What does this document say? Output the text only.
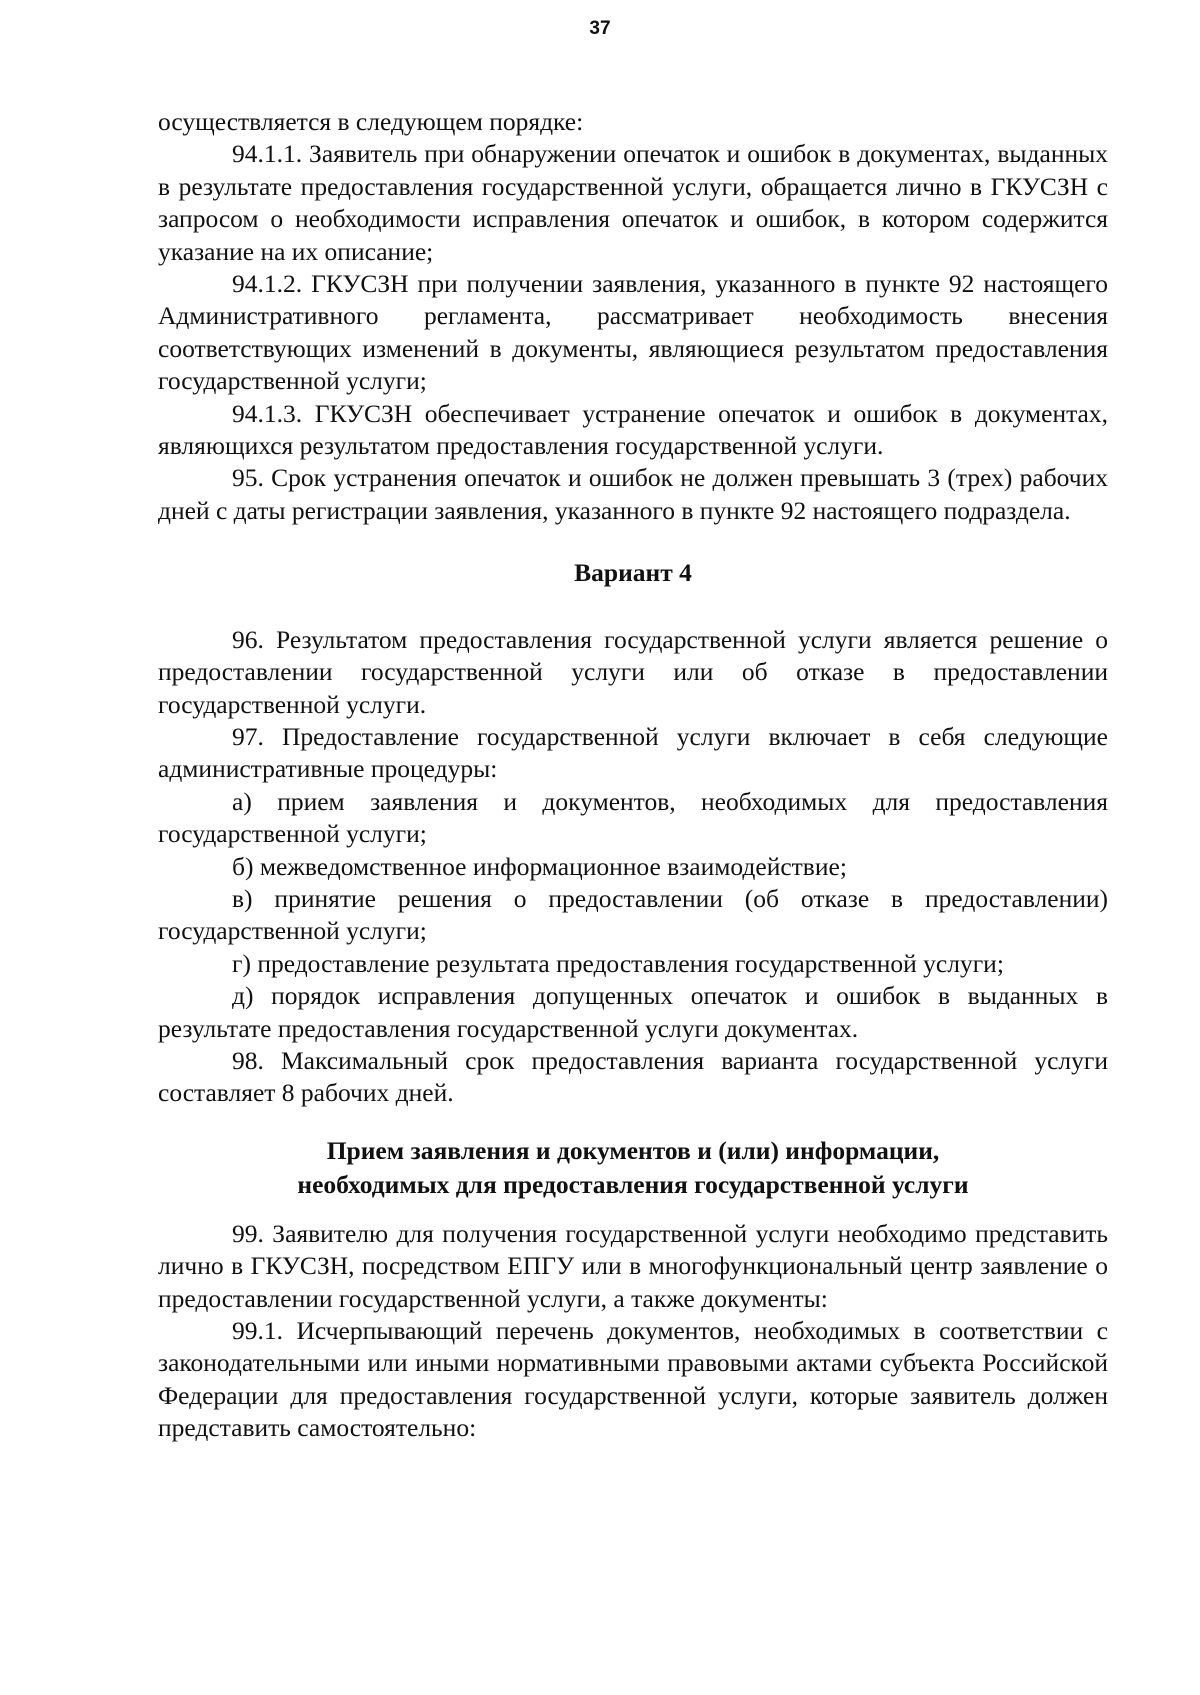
37

осуществляется в следующем порядке:

94.1.1. Заявитель при обнаружении опечаток и ошибок в документах, выданных в результате предоставления государственной услуги, обращается лично в ГКУСЗН с запросом о необходимости исправления опечаток и ошибок, в котором содержится указание на их описание;

94.1.2. ГКУСЗН при получении заявления, указанного в пункте 92 настоящего Административного регламента, рассматривает необходимость внесения соответствующих изменений в документы, являющиеся результатом предоставления государственной услуги;

94.1.3. ГКУСЗН обеспечивает устранение опечаток и ошибок в документах, являющихся результатом предоставления государственной услуги.

95. Срок устранения опечаток и ошибок не должен превышать 3 (трех) рабочих дней с даты регистрации заявления, указанного в пункте 92 настоящего подраздела.

Вариант 4

96. Результатом предоставления государственной услуги является решение о предоставлении государственной услуги или об отказе в предоставлении государственной услуги.

97. Предоставление государственной услуги включает в себя следующие административные процедуры:

а) прием заявления и документов, необходимых для предоставления государственной услуги;

б) межведомственное информационное взаимодействие;

в) принятие решения о предоставлении (об отказе в предоставлении) государственной услуги;

г) предоставление результата предоставления государственной услуги;

д) порядок исправления допущенных опечаток и ошибок в выданных в результате предоставления государственной услуги документах.

98. Максимальный срок предоставления варианта государственной услуги составляет 8 рабочих дней.

Прием заявления и документов и (или) информации,
необходимых для предоставления государственной услуги

99. Заявителю для получения государственной услуги необходимо представить лично в ГКУСЗН, посредством ЕПГУ или в многофункциональный центр заявление о предоставлении государственной услуги, а также документы:

99.1. Исчерпывающий перечень документов, необходимых в соответствии с законодательными или иными нормативными правовыми актами субъекта Российской Федерации для предоставления государственной услуги, которые заявитель должен представить самостоятельно:
